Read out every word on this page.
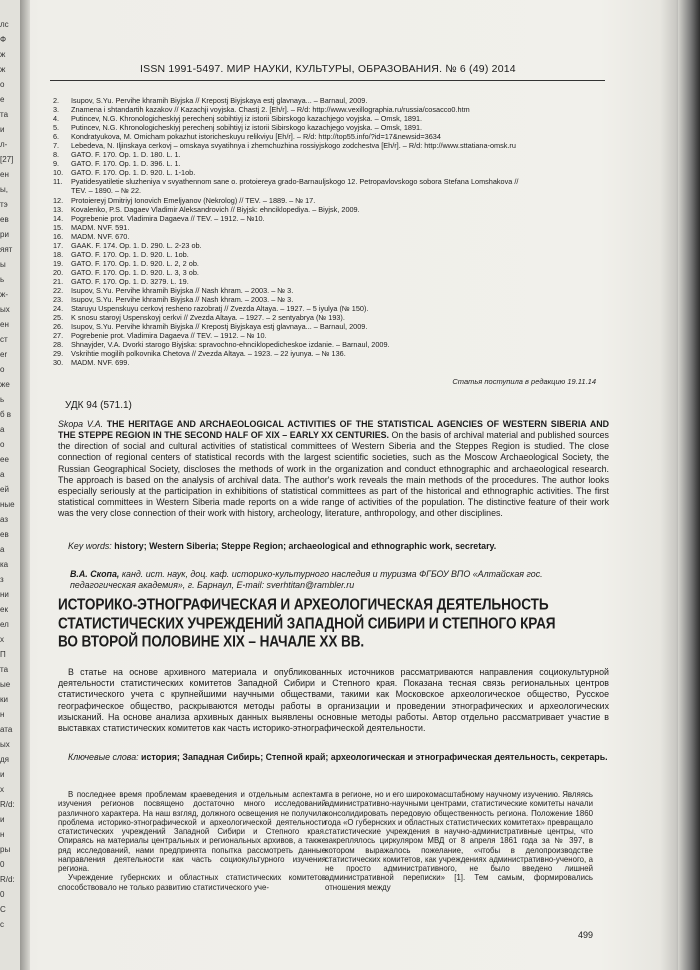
лс
Ф
ж
ж
о
е
та
и
л-
[27]
ен
ы,
тэ
ев
ри
яят
ы
ь
ж-
ых
ен
ст
еr
о
же
ь
б в
а
о
ее
а
ей
ные
аз
ев
а
ка
з
ни
ек
ел
х
П
та
ые
ки
н
ата
ых
дя
и
х
R/d:
и
н
ры
0
R/d:
0
С
с
ISSN 1991-5497. МИР НАУКИ, КУЛЬТУРЫ, ОБРАЗОВАНИЯ. № 6 (49) 2014
2.	Isupov, S.Yu. Pervihe khramih Biyjska // Krepostj Biyjskaya estj glavnaya... – Barnaul, 2009.
3.	Znamena i shtandartih kazakov // Kazachji voyjska. Chastj 2. [Eh/r]. – R/d: http://www.vexillographia.ru/russia/cosacco0.htm
4.	Putincev, N.G. Khronologicheskiyj perechenj sobihtiyj iz istorii Sibirskogo kazachjego voyjska. – Omsk, 1891.
5.	Putincev, N.G. Khronologicheskiyj perechenj sobihtiyj iz istorii Sibirskogo kazachjego voyjska. – Omsk, 1891.
6.	Kondratyukova, M. Omicham pokazhut istoricheskuyu relikviyu [Eh/r]. – R/d: http://top55.info/?id=17&newsid=3634
7.	Lebedeva, N. Iljinskaya cerkovj – omskaya svyatihnya i zhemchuzhina rossiyjskogo zodchestva [Eh/r]. – R/d: http://www.sttatiana-omsk.ru
8.	GATO. F. 170. Op. 1. D. 180. L. 1.
9.	GATO. F. 170. Op. 1. D. 396. L. 1.
10.	GATO. F. 170. Op. 1. D. 920. L. 1-1ob.
11.	Pyatidesyatiletie sluzheniya v svyathennom sane o. protoiereya grado-Barnauljskogo 12. Petropavlovskogo sobora Stefana Lomshakova //
TEV. – 1890. – № 22.
12.	Protoiereyj Dmitriyj Ionovich Emeljyanov (Nekrolog) // TEV. – 1889. – № 17.
13.	Kovalenko, P.S. Dagaev Vladimir Aleksandrovich // Biyjsk: ehnciklopediya. – Biyjsk, 2009.
14.	Pogrebenie prot. Vladimira Dagaeva // TEV. – 1912. – №10.
15.	MADM. NVF. 591.
16.	MADM. NVF. 670.
17.	GAAK. F. 174. Op. 1. D. 290. L. 2-23 ob.
18.	GATO. F. 170. Op. 1. D. 920. L. 1ob.
19.	GATO. F. 170. Op. 1. D. 920. L. 2, 2 ob.
20.	GATO. F. 170. Op. 1. D. 920. L. 3, 3 ob.
21.	GATO. F. 170. Op. 1. D. 3279. L. 19.
22.	Isupov, S.Yu. Pervihe khramih Biyjska // Nash khram. – 2003. – № 3.
23.	Isupov, S.Yu. Pervihe khramih Biyjska // Nash khram. – 2003. – № 3.
24.	Staruyu Uspenskuyu cerkovj resheno razobratj // Zvezda Altaya. – 1927. – 5 iyulya (№ 150).
25.	K snosu staroyj Uspenskoyj cerkvi // Zvezda Altaya. – 1927. – 2 sentyabrya (№ 193).
26.	Isupov, S.Yu. Pervihe khramih Biyjska // Krepostj Biyjskaya estj glavnaya... – Barnaul, 2009.
27.	Pogrebenie prot. Vladimira Dagaeva // TEV. – 1912. – № 10.
28.	Shnayjder, V.A. Dvorki starogo Biyjska: spravochno-ehnciklopedicheskoe izdanie. – Barnaul, 2009.
29.	Vskrihtie mogilih polkovnika Chetova // Zvezda Altaya. – 1923. – 22 iyunya. – № 136.
30.	MADM. NVF. 699.
Статья поступила в редакцию 19.11.14
УДК 94 (571.1)
Skopa V.A. THE HERITAGE AND ARCHAEOLOGICAL ACTIVITIES OF THE STATISTICAL AGENCIES OF WESTERN SIBERIA AND THE STEPPE REGION IN THE SECOND HALF OF XIX – EARLY XX CENTURIES. On the basis of archival material and published sources the direction of social and cultural activities of statistical committees of Western Siberia and the Steppes Region is studied. The close connection of regional centers of statistical records with the largest scientific societies, such as the Moscow Archaeological Society, the Russian Geographical Society, discloses the methods of work in the organization and conduct ethnographic and archaeological research. The approach is based on the analysis of archival data. The author's work reveals the main methods of the procedures. The author looks especially seriously at the participation in exhibitions of statistical committees as part of the historical and ethnographic activities. The first statistical committees in Western Siberia made reports on a wide range of activities of the population. The distinctive feature of their work was the very close connection of their work with history, archeology, literature, anthropology, and other disciplines.
Key words: history; Western Siberia; Steppe Region; archaeological and ethnographic work, secretary.
В.А. Скопа, канд. ист. наук, доц. каф. историко-культурного наследия и туризма ФГБОУ ВПО «Алтайская гос. педагогическая академия», г. Барнаул, E-mail: sverhtitan@rambler.ru
ИСТОРИКО-ЭТНОГРАФИЧЕСКАЯ И АРХЕОЛОГИЧЕСКАЯ ДЕЯТЕЛЬНОСТЬ
СТАТИСТИЧЕСКИХ УЧРЕЖДЕНИЙ ЗАПАДНОЙ СИБИРИ И СТЕПНОГО КРАЯ
ВО ВТОРОЙ ПОЛОВИНЕ XIX – НАЧАЛЕ XX ВВ.
В статье на основе архивного материала и опубликованных источников рассматриваются направления социокультурной деятельности статистических комитетов Западной Сибири и Степного края. Показана тесная связь региональных центров статистического учета с крупнейшими научными обществами, такими как Московское археологическое общество, Русское географическое общество, раскрываются методы работы в организации и проведении этнографических и археологических изысканий. На основе анализа архивных данных выявлены основные методы работы. Автор отдельно рассматривает участие в выставках статистических комитетов как часть историко-этнографической деятельности.
Ключевые слова: история; Западная Сибирь; Степной край; археологическая и этнографическая деятельность, секретарь.

В последнее время проблемам краеведения и отдельным аспектам изучения регионов посвящено достаточно много исследований различного характера. На наш взгляд, должного освещения не получила проблема историко-этнографической и археологической деятельности статистических учреждений Западной Сибири и Степного края. Опираясь на материалы центральных и региональных архивов, а также ряд исследований, нами предпринята попытка рассмотреть данные направления деятельности как часть социокультурного изучения региона.

Учреждение губернских и областных статистических комитетов способствовало не только развитию статистического уче-

та в регионе, но и его широкомасштабному научному изучению. Являясь административно-научными центрами, статистические комитеты начали консолидировать передовую общественность региона. Положение 1860 года «О губернских и областных статистических комитетах» превращало статистические учреждения в научно-административные центры, что закреплялось циркуляром МВД от 8 апреля 1861 года за № 397, в котором выражалось пожелание, «чтобы в делопроизводстве статистических комитетов, как учреждениях административно-ученого, а не просто административного, не было введено лишней административной переписки» [1]. Тем самым, формировались отношения между

499
